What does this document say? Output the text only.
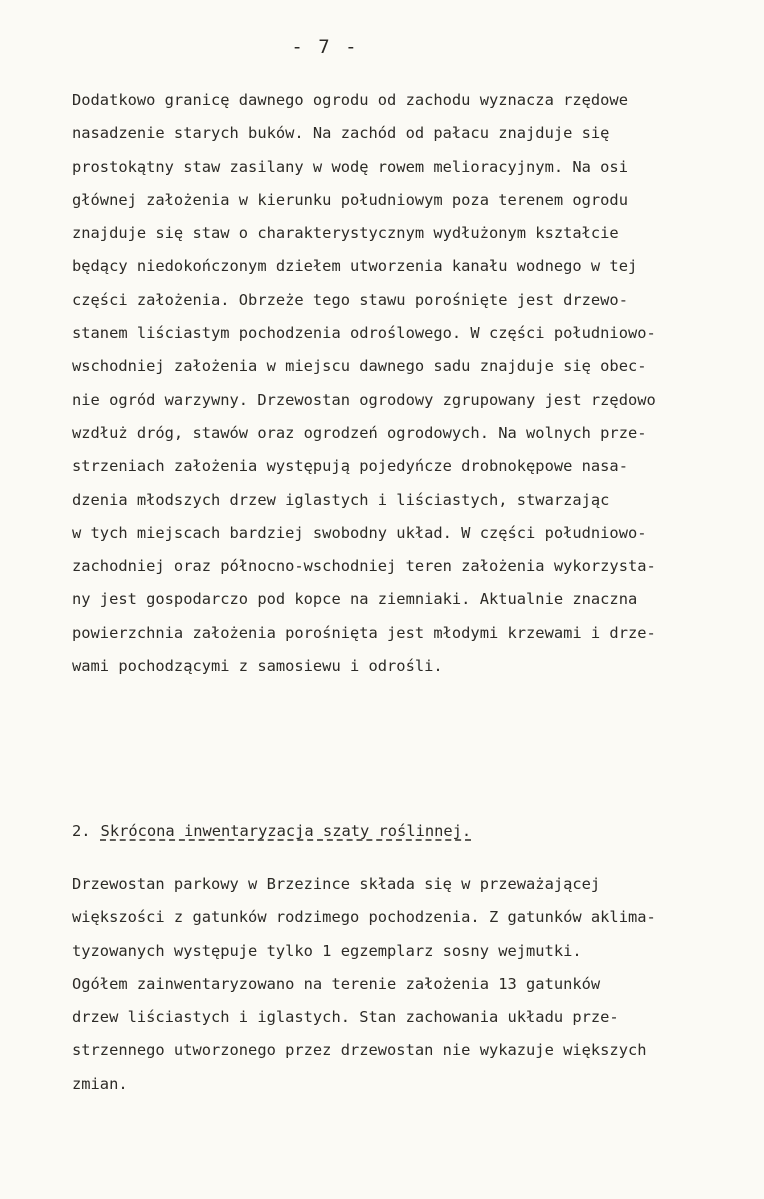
- 7 -
Dodatkowo granicę dawnego ogrodu od zachodu wyznacza rzędowe
nasadzenie starych buków. Na zachód od pałacu znajduje się
prostokątny staw zasilany w wodę rowem melioracyjnym. Na osi
głównej założenia w kierunku południowym poza terenem ogrodu
znajduje się staw o charakterystycznym wydłużonym kształcie
będący niedokończonym dziełem utworzenia kanału wodnego w tej
części założenia. Obrzeże tego stawu porośnięte jest drzewo-
stanem liściastym pochodzenia odroślowego. W części południowo-
wschodniej założenia w miejscu dawnego sadu znajduje się obec-
nie ogród warzywny. Drzewostan ogrodowy zgrupowany jest rzędowo
wzdłuż dróg, stawów oraz ogrodzeń ogrodowych. Na wolnych prze-
strzeniach założenia występują pojedyńcze drobnokępowe nasa-
dzenia młodszych drzew iglastych i liściastych, stwarzając
w tych miejscach bardziej swobodny układ. W części południowo-
zachodniej oraz północno-wschodniej teren założenia wykorzysta-
ny jest gospodarczo pod kopce na ziemniaki. Aktualnie znaczna
powierzchnia założenia porośnięta jest młodymi krzewami i drze-
wami pochodzącymi z samosiewu i odrośli.
2. Skrócona inwentaryzacja szaty roślinnej.
Drzewostan parkowy w Brzezince składa się w przeważającej
większości z gatunków rodzimego pochodzenia. Z gatunków aklima-
tyzowanych występuje tylko 1 egzemplarz sosny wejmutki.
Ogółem zainwentaryzowano na terenie założenia 13 gatunków
drzew liściastych i iglastych. Stan zachowania układu prze-
strzennego utworzonego przez drzewostan nie wykazuje większych
zmian.
